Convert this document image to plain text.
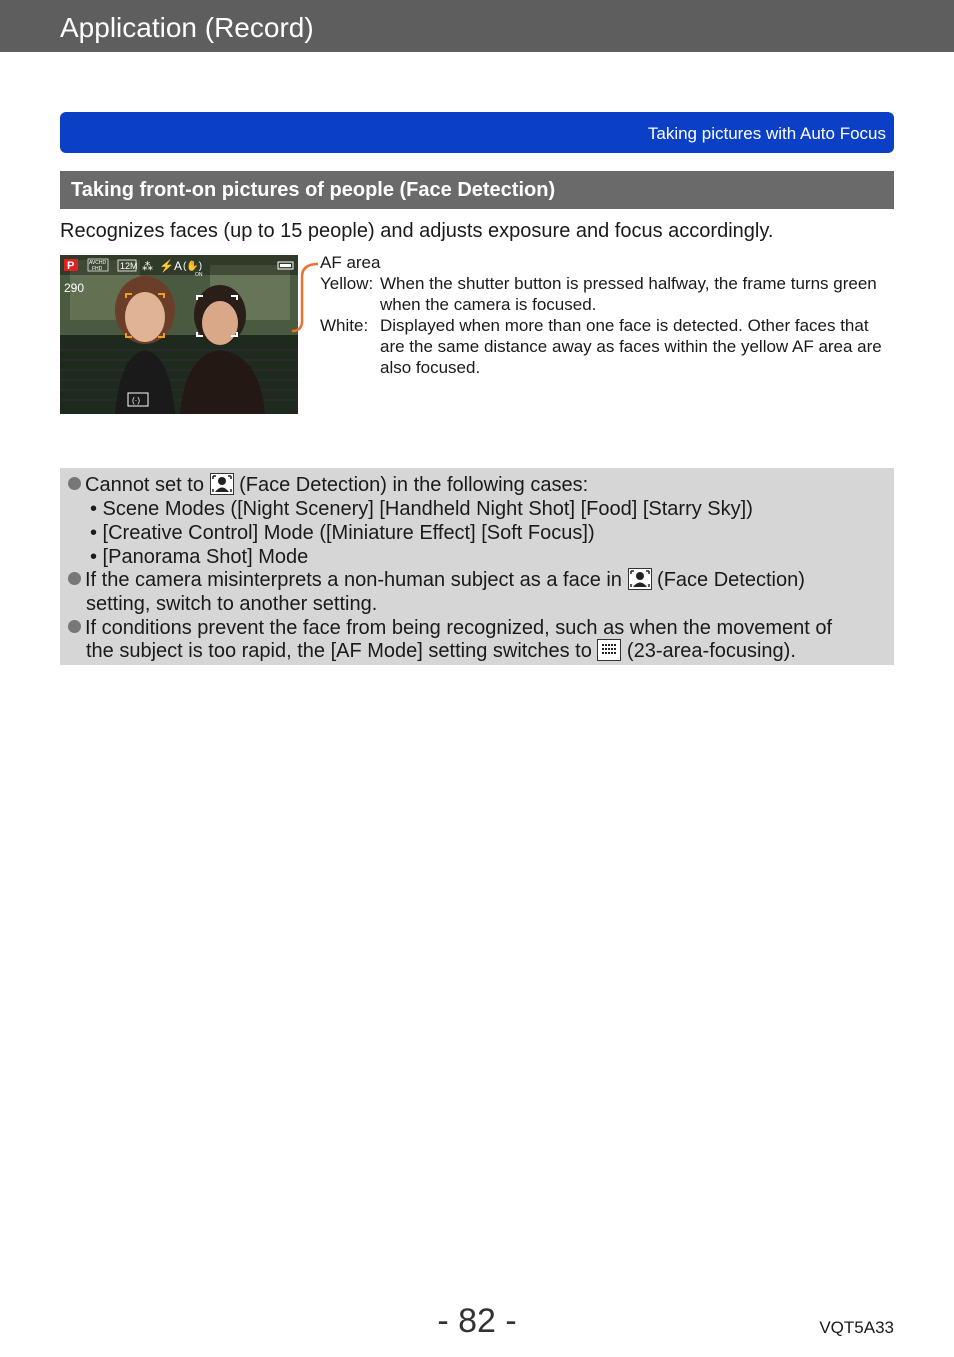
Application (Record)
Taking pictures with Auto Focus
Taking front-on pictures of people (Face Detection)
Recognizes faces (up to 15 people) and adjusts exposure and focus accordingly.
P	AVCHD
FHD 12M ⁂ ⚡A (✋)
ON
290
(·)
AF area
Yellow: When the shutter button is pressed halfway, the frame turns green when the camera is focused.
White: Displayed when more than one face is detected. Other faces that are the same distance away as faces within the yellow AF area are also focused.
Cannot set to
(Face Detection) in the following cases:
• Scene Modes ([Night Scenery] [Handheld Night Shot] [Food] [Starry Sky])
• [Creative Control] Mode ([Miniature Effect] [Soft Focus])
• [Panorama Shot] Mode
If the camera misinterprets a non-human subject as a face in
(Face Detection)
setting, switch to another setting.
If conditions prevent the face from being recognized, such as when the movement of
the subject is too rapid, the [AF Mode] setting switches to
(23-area-focusing).
- 82 -	VQT5A33
